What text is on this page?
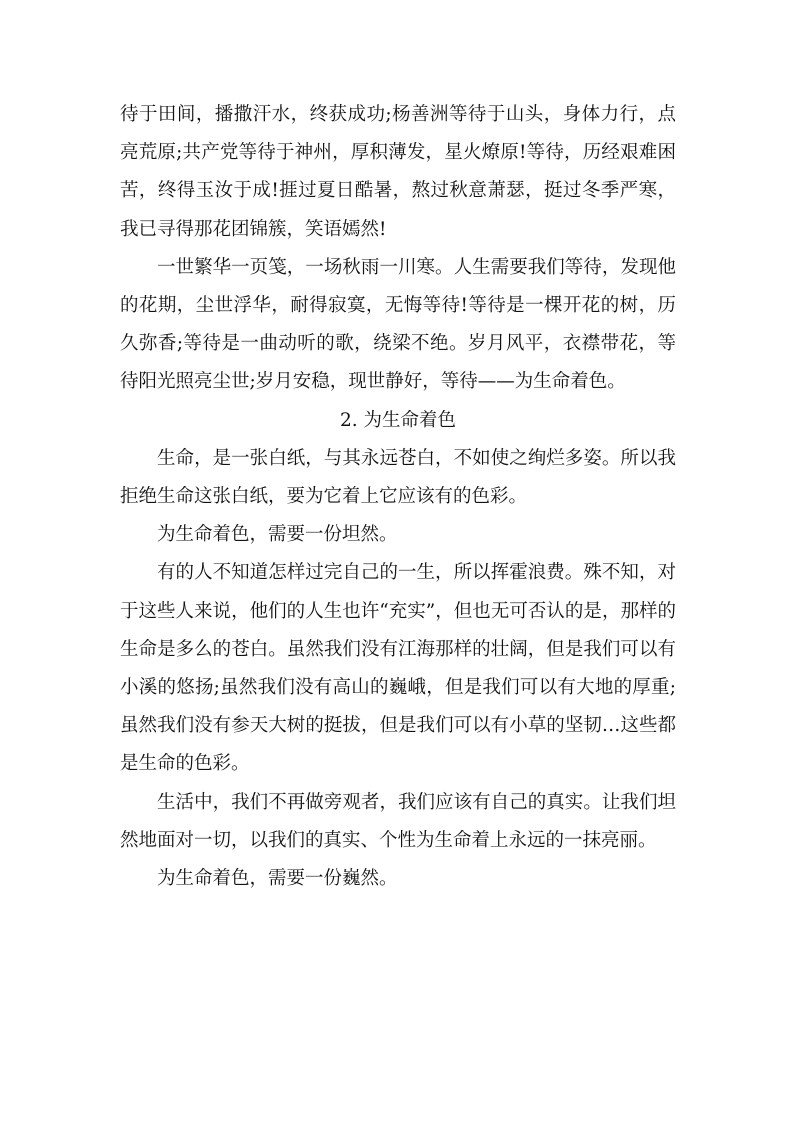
待于田间，播撒汗水，终获成功;杨善洲等待于山头，身体力行，点亮荒原;共产党等待于神州，厚积薄发，星火燎原!等待，历经艰难困苦，终得玉汝于成!捱过夏日酷暑，熬过秋意萧瑟，挺过冬季严寒，我已寻得那花团锦簇，笑语嫣然!

一世繁华一页笺，一场秋雨一川寒。人生需要我们等待，发现他的花期，尘世浮华，耐得寂寞，无悔等待!等待是一棵开花的树，历久弥香;等待是一曲动听的歌，绕梁不绝。岁月风平，衣襟带花，等待阳光照亮尘世;岁月安稳，现世静好，等待——为生命着色。

2. 为生命着色

生命，是一张白纸，与其永远苍白，不如使之绚烂多姿。所以我拒绝生命这张白纸，要为它着上它应该有的色彩。

为生命着色，需要一份坦然。

有的人不知道怎样过完自己的一生，所以挥霍浪费。殊不知，对于这些人来说，他们的人生也许“充实”，但也无可否认的是，那样的生命是多么的苍白。虽然我们没有江海那样的壮阔，但是我们可以有小溪的悠扬;虽然我们没有高山的巍峨，但是我们可以有大地的厚重;虽然我们没有参天大树的挺拔，但是我们可以有小草的坚韧…这些都是生命的色彩。

生活中，我们不再做旁观者，我们应该有自己的真实。让我们坦然地面对一切，以我们的真实、个性为生命着上永远的一抹亮丽。

为生命着色，需要一份巍然。
